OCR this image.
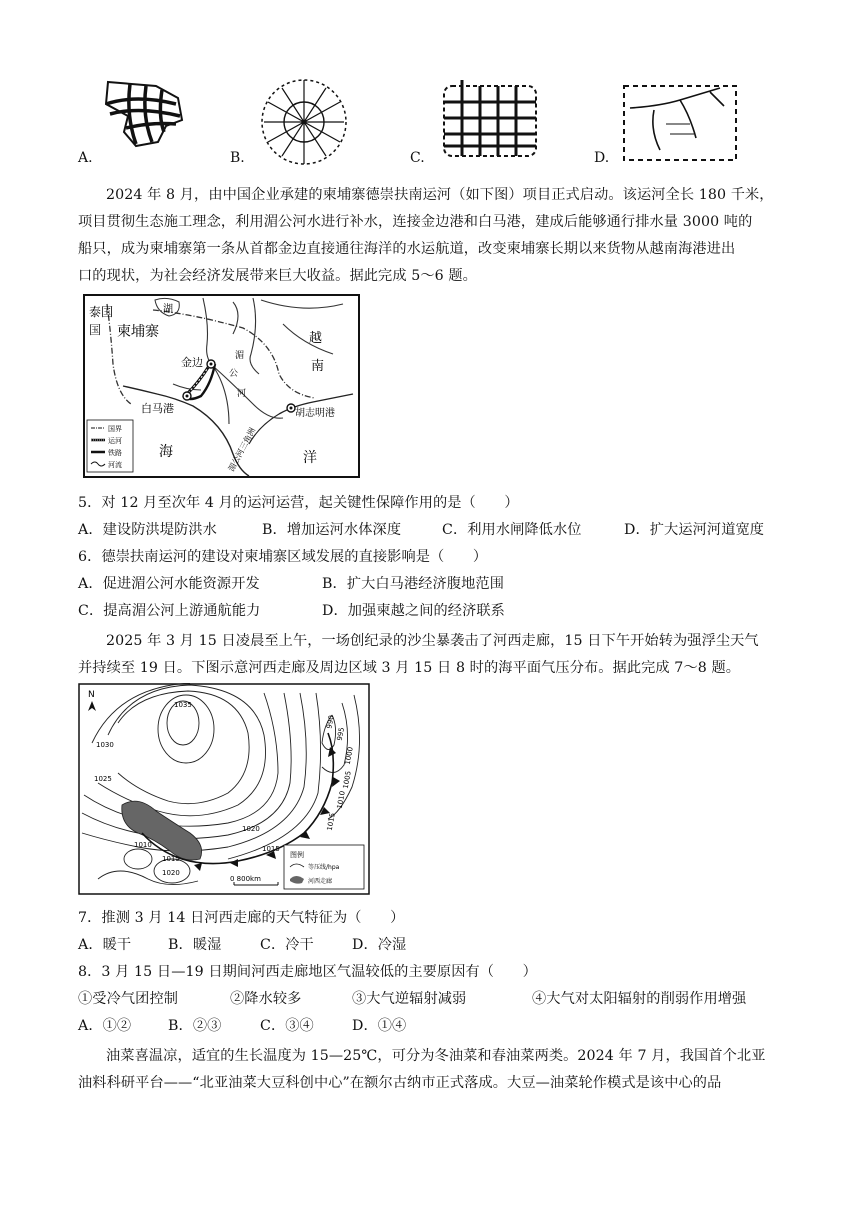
A.	B.	C.	D.
2024 年 8 月，由中国企业承建的柬埔寨德崇扶南运河（如下图）项目正式启动。该运河全长 180 千米，
项目贯彻生态施工理念，利用湄公河水进行补水，连接金边港和白马港，建成后能够通行排水量 3000 吨的
船只，成为柬埔寨第一条从首都金边直接通往海洋的水运航道，改变柬埔寨长期以来货物从越南海港进出
口的现状，为社会经济发展带来巨大收益。据此完成 5～6 题。
泰国
国 柬埔寨
湖
金边
越
南
白马港	胡志明港
海	洋
湄公河三角洲
湄
公
河
国界
运河
铁路
河流
5．对 12 月至次年 4 月的运河运营，起关键性保障作用的是（　　）
A．建设防洪堤防洪水	B．增加运河水体深度	C．利用水闸降低水位	D．扩大运河河道宽度
6．德崇扶南运河的建设对柬埔寨区域发展的直接影响是（　　）
A．促进湄公河水能资源开发	B．扩大白马港经济腹地范围
C．提高湄公河上游通航能力	D．加强柬越之间的经济联系
2025 年 3 月 15 日凌晨至上午，一场创纪录的沙尘暴袭击了河西走廊，15 日下午开始转为强浮尘天气
并持续至 19 日。下图示意河西走廊及周边区域 3 月 15 日 8 时的海平面气压分布。据此完成 7～8 题。
N
1035
1030
1025
1020
1015
1010
1015
1020
990
995
1000
1005
1010
1015
0 800km
图例
等压线/hpa
河西走廊
7．推测 3 月 14 日河西走廊的天气特征为（　　）
A．暖干	B．暖湿	C．冷干	D．冷湿
8．3 月 15 日—19 日期间河西走廊地区气温较低的主要原因有（　　）
①受冷气团控制	②降水较多	③大气逆辐射减弱	④大气对太阳辐射的削弱作用增强
A．①②	B．②③	C．③④	D．①④
油菜喜温凉，适宜的生长温度为 15—25℃，可分为冬油菜和春油菜两类。2024 年 7 月，我国首个北亚
油料科研平台——“北亚油菜大豆科创中心”在额尔古纳市正式落成。大豆—油菜轮作模式是该中心的品
